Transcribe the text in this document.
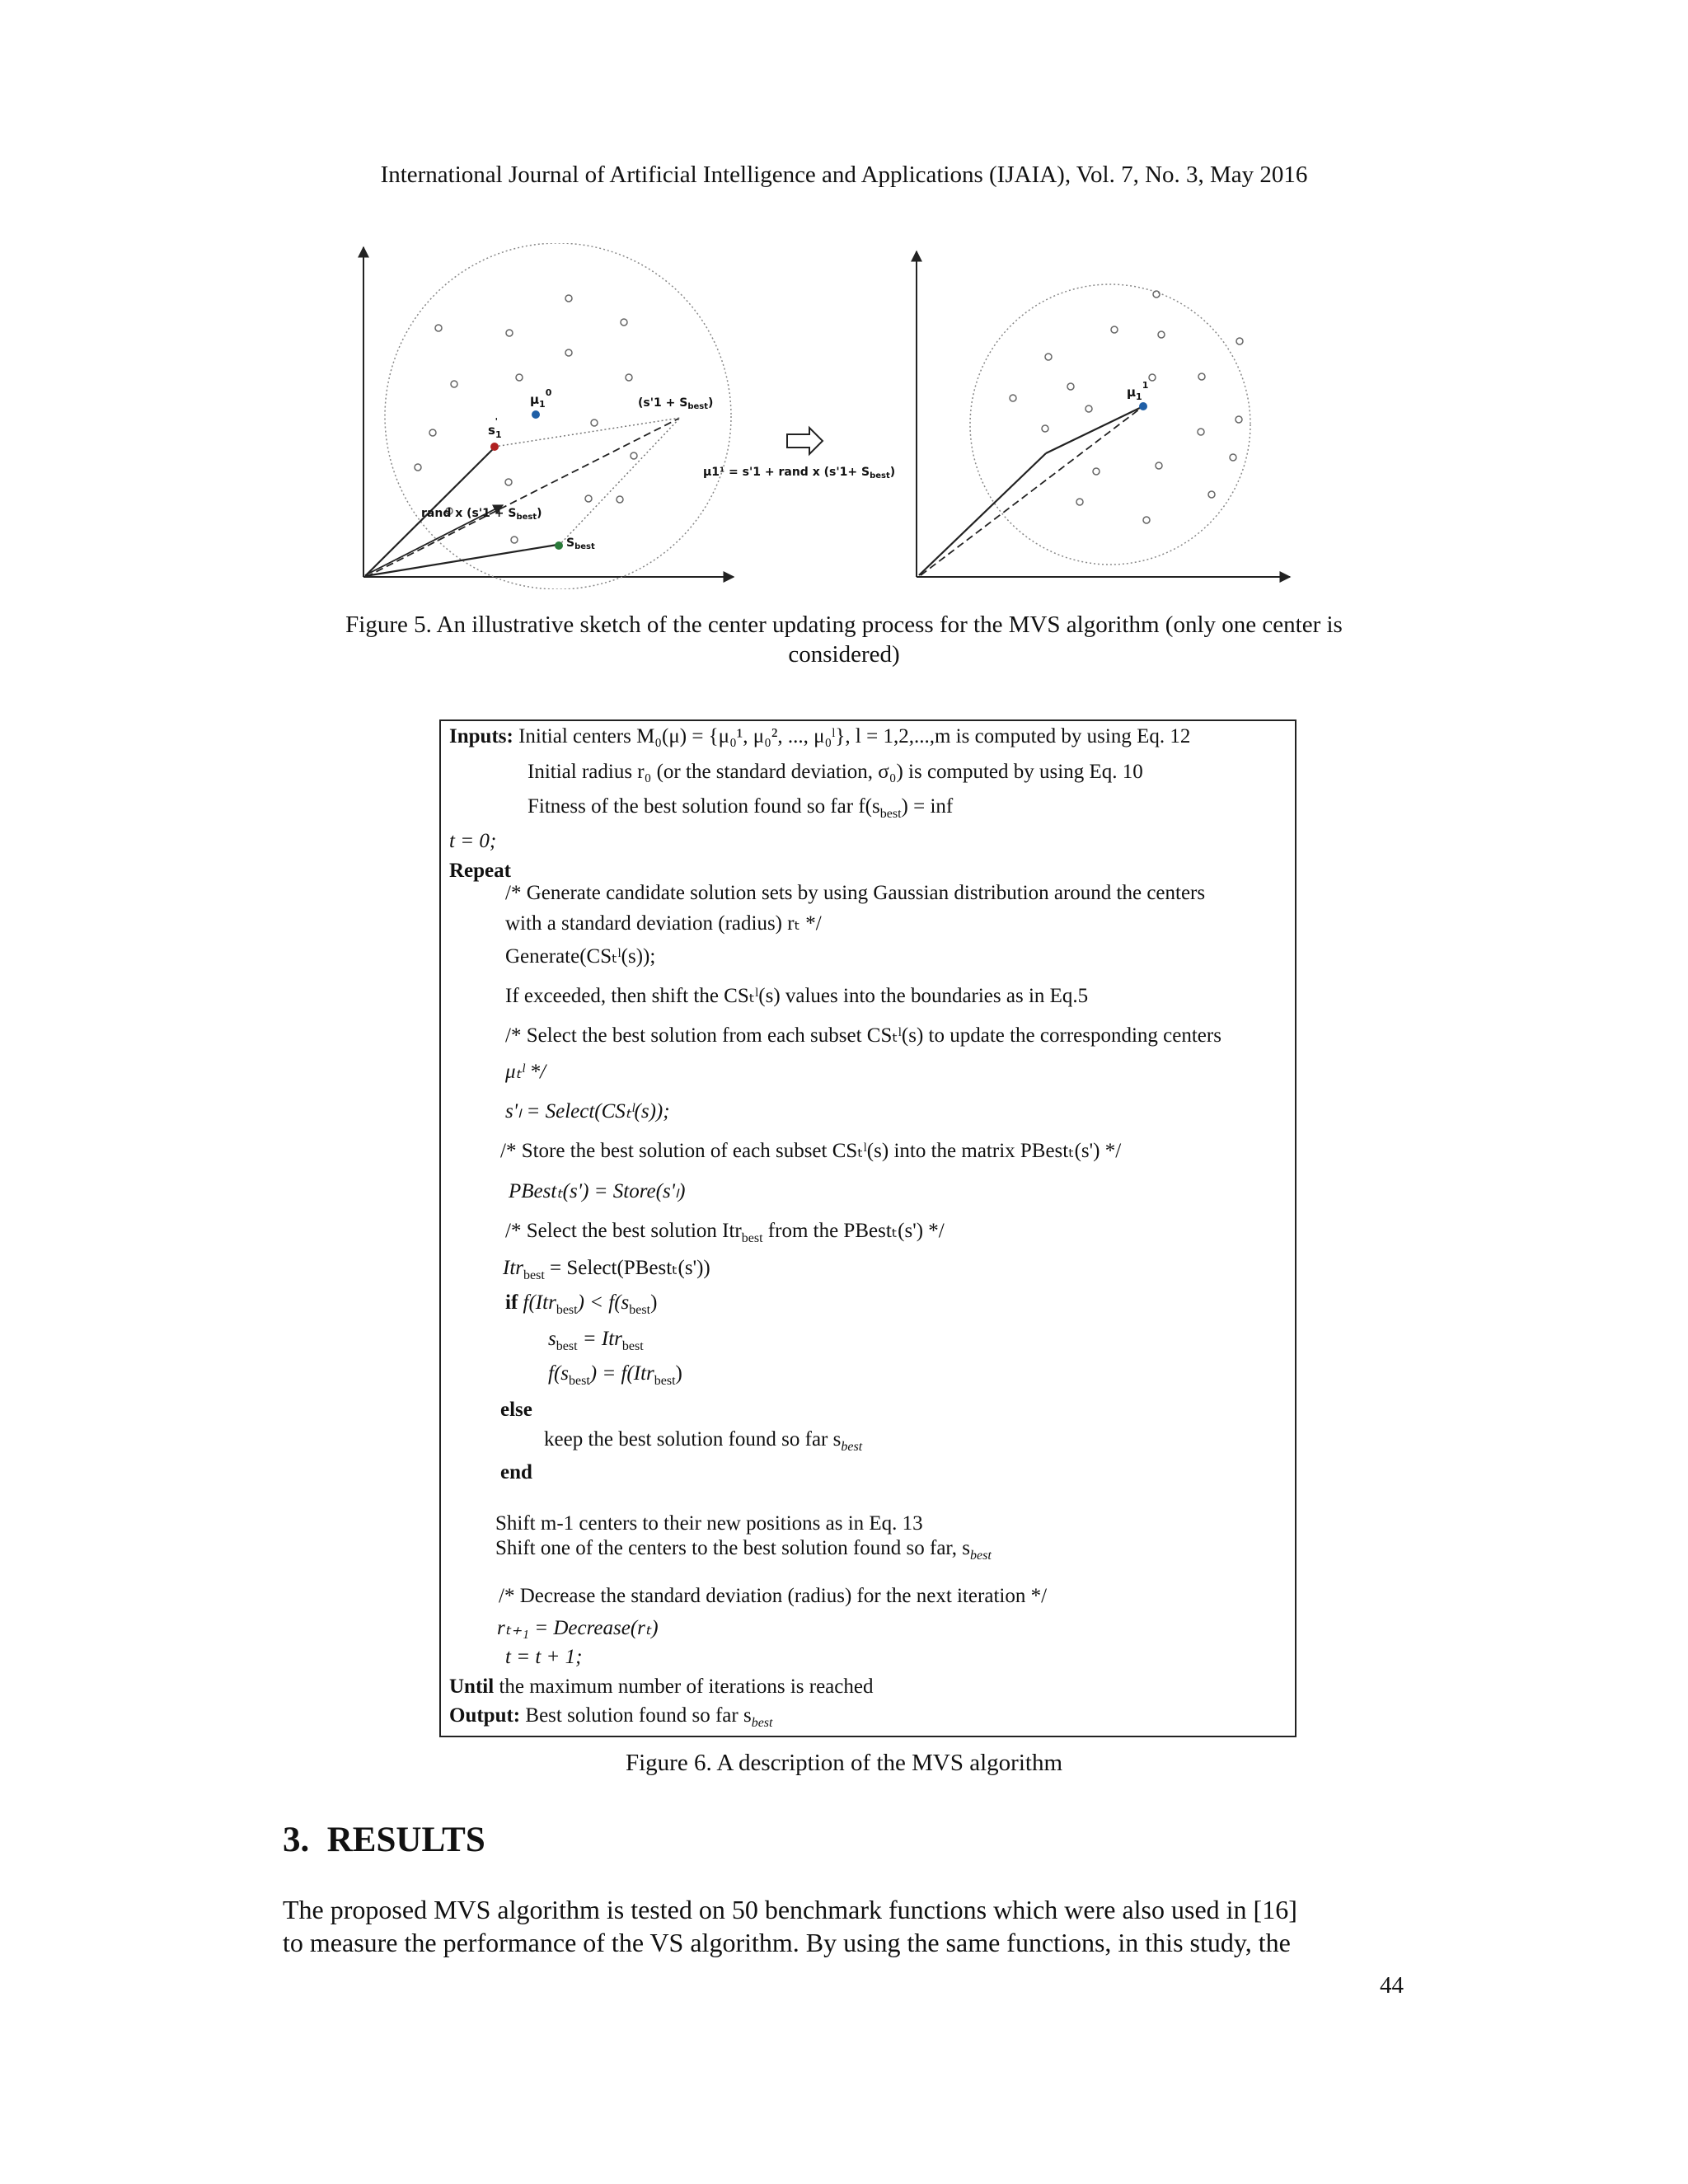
International Journal of Artificial Intelligence and Applications (IJAIA), Vol. 7, No. 3, May 2016
$\mu_1^0$
$s_1'$
$(s'1 + S_{best})$
rand x $(s'1 + S_{best})$
$S_{best}$
μ1¹ = s'1 + rand x $(s'1+ S_{best})$
$\mu_1^1$
Figure 5. An illustrative sketch of the center updating process for the MVS algorithm (only one center is
considered)
Inputs: Initial centers M₀(μ) = {μ₀¹, μ₀², ..., μ₀ˡ}, l = 1,2,...,m is computed by using Eq. 12
Initial radius r₀ (or the standard deviation, σ₀) is computed by using Eq. 10
Fitness of the best solution found so far $f(s_{best})$ = inf
t = 0;
Repeat
/* Generate candidate solution sets by using Gaussian distribution around the centers
with a standard deviation (radius) rₜ */
Generate(CSₜˡ(s));
If exceeded, then shift the CSₜˡ(s) values into the boundaries as in Eq.5
/* Select the best solution from each subset CSₜˡ(s) to update the corresponding centers
μₜˡ */
s'ₗ = Select(CSₜˡ(s));
/* Store the best solution of each subset CSₜˡ(s) into the matrix PBestₜ(s') */
PBestₜ(s') = Store(s'ₗ)
/* Select the best solution Itr$_{best}$ from the PBestₜ(s') */
Itr$_{best}$ = Select(PBestₜ(s'))
if $f(Itr_{best}) < f(s_{best})$
$s_{best} = Itr_{best}$
$f(s_{best}) = f(Itr_{best})$
else
keep the best solution found so far $s_{best}$
end
Shift m-1 centers to their new positions as in Eq. 13
Shift one of the centers to the best solution found so far, $s_{best}$
/* Decrease the standard deviation (radius) for the next iteration */
rₜ₊₁ = Decrease(rₜ)
t = t + 1;
Until the maximum number of iterations is reached
Output: Best solution found so far $s_{best}$
Figure 6. A description of the MVS algorithm
3. RESULTS
The proposed MVS algorithm is tested on 50 benchmark functions which were also used in [16]
to measure the performance of the VS algorithm. By using the same functions, in this study, the
44
